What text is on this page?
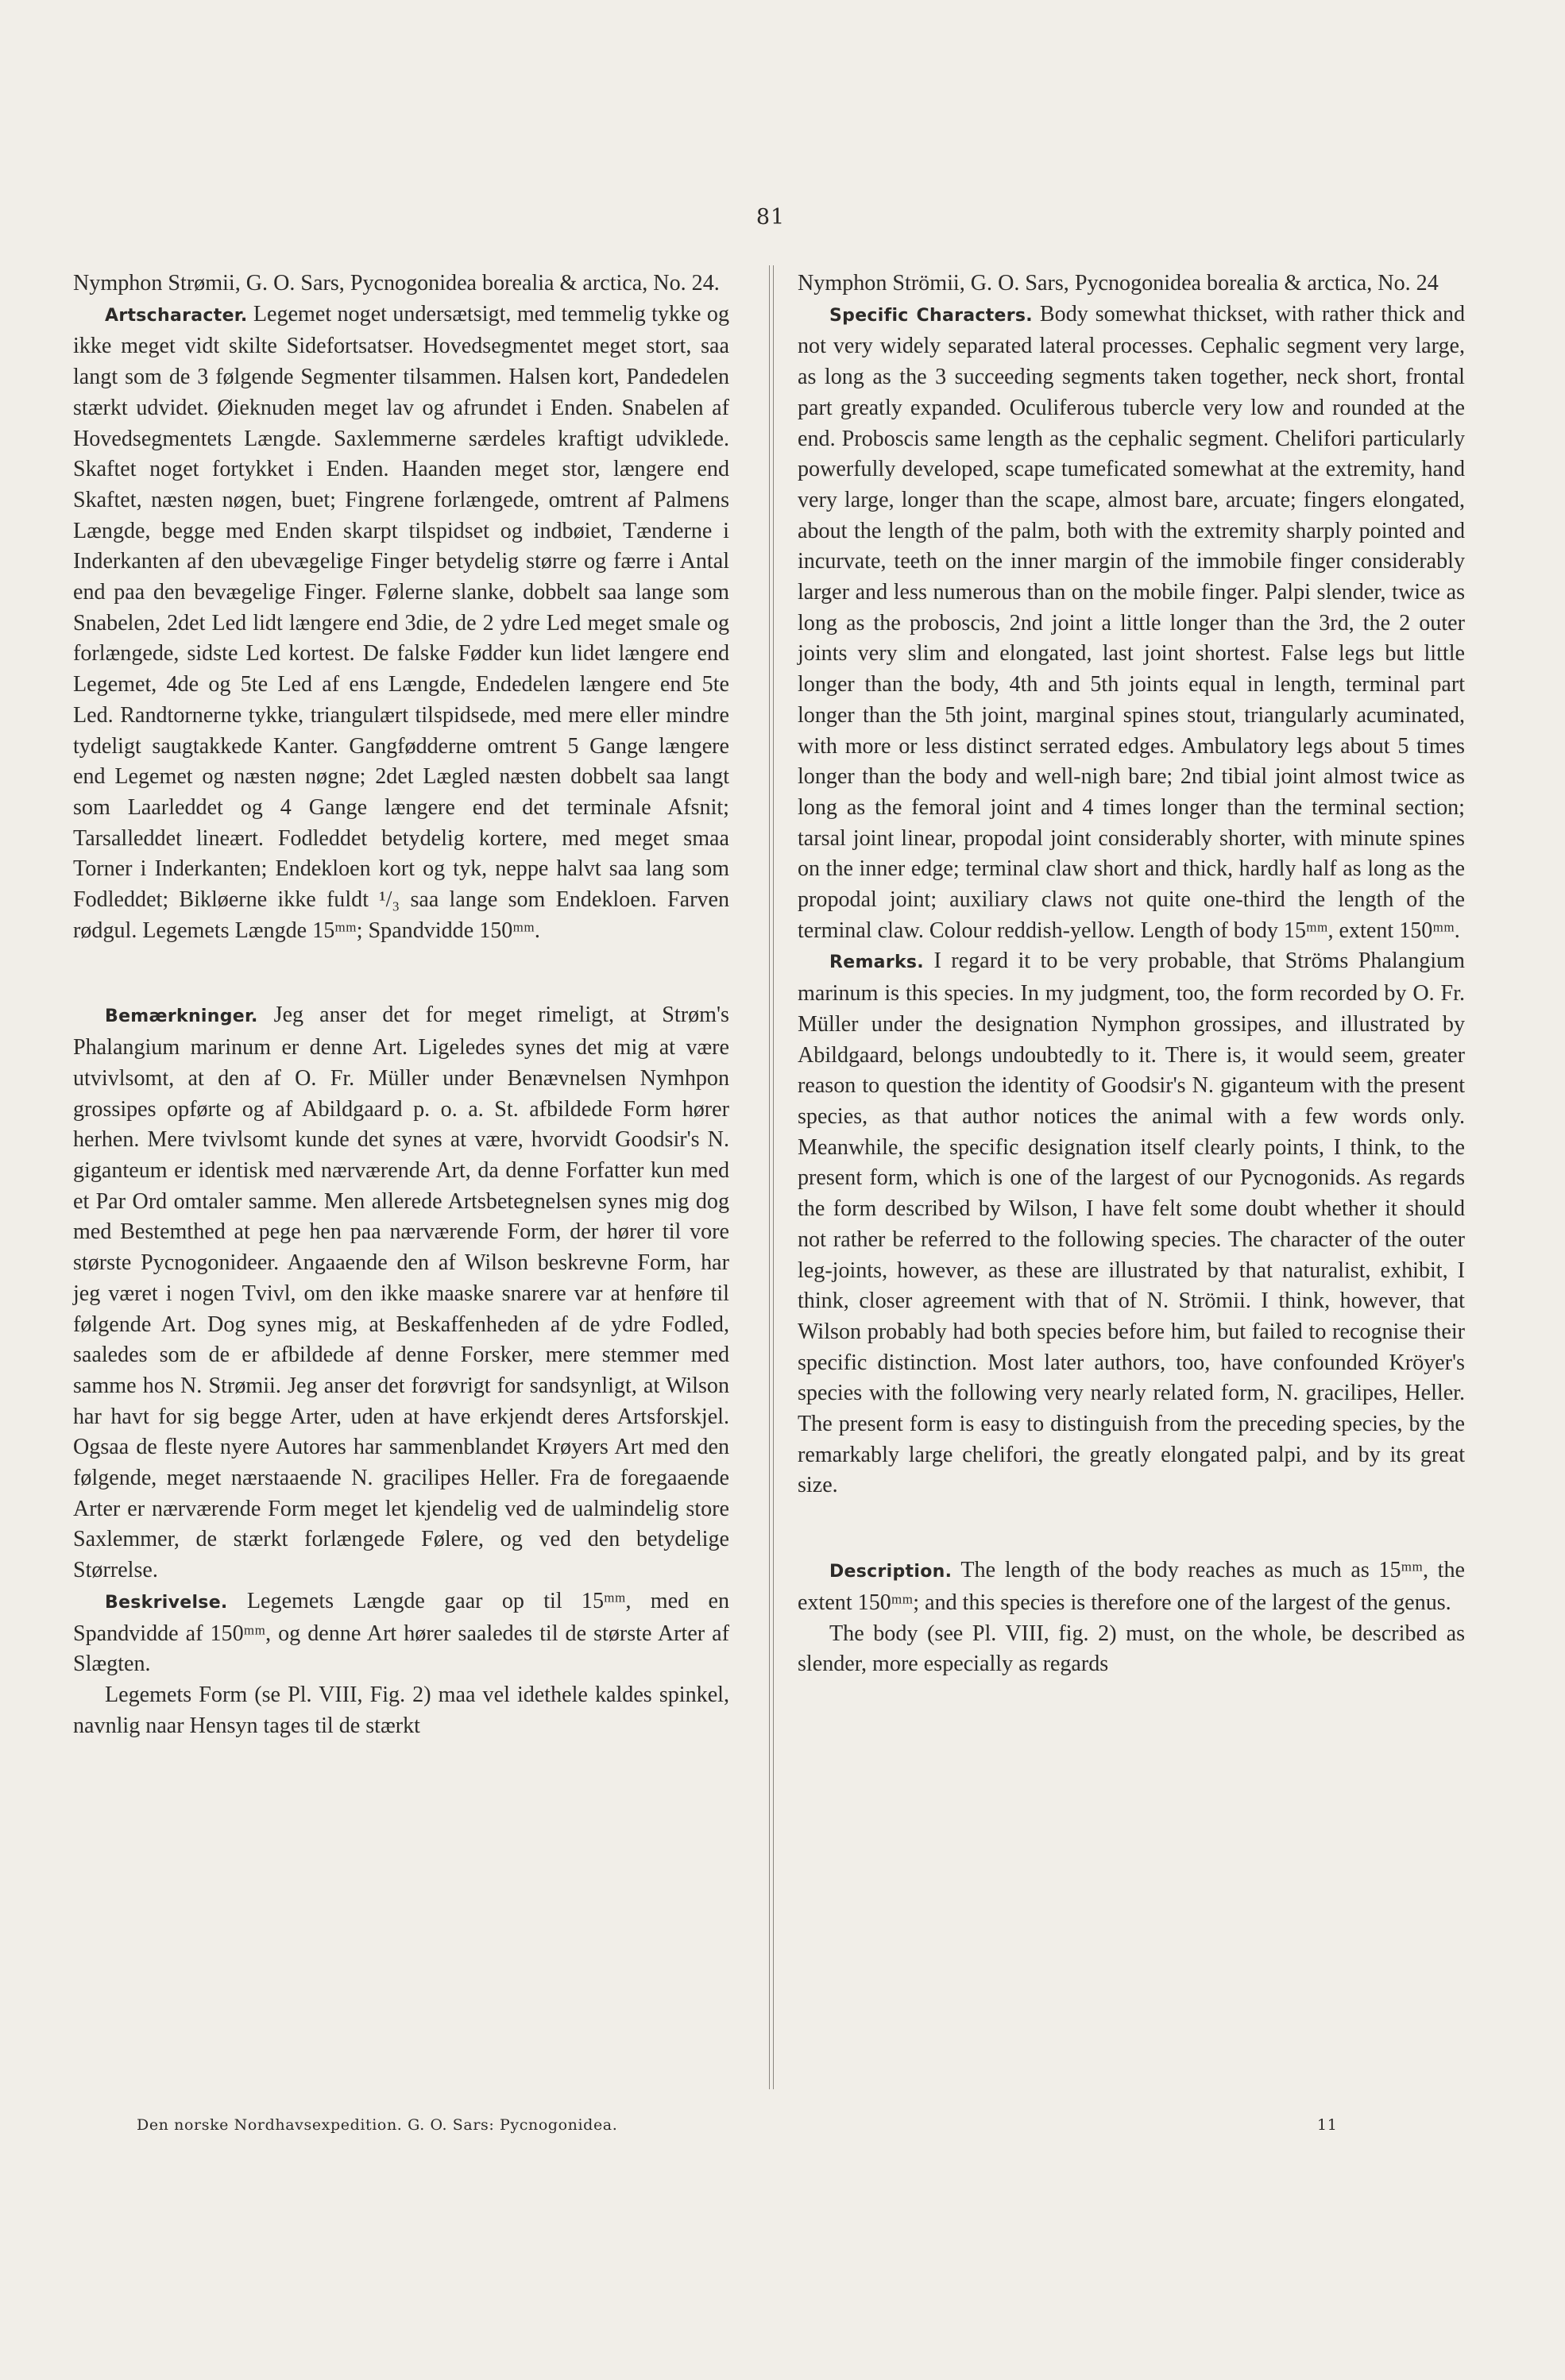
81

Nymphon Strømii, G. O. Sars, Pycnogonidea borealia & arctica, No. 24.

Artscharacter. Legemet noget undersætsigt, med temmelig tykke og ikke meget vidt skilte Sidefortsatser. Hovedsegmentet meget stort, saa langt som de 3 følgende Segmenter tilsammen. Halsen kort, Pandedelen stærkt udvidet. Øieknuden meget lav og afrundet i Enden. Snabelen af Hovedsegmentets Længde. Saxlemmerne særdeles kraftigt udviklede. Skaftet noget fortykket i Enden. Haanden meget stor, længere end Skaftet, næsten nøgen, buet; Fingrene forlængede, omtrent af Palmens Længde, begge med Enden skarpt tilspidset og indbøiet, Tænderne i Inderkanten af den ubevægelige Finger betydelig større og færre i Antal end paa den bevægelige Finger. Følerne slanke, dobbelt saa lange som Snabelen, 2det Led lidt længere end 3die, de 2 ydre Led meget smale og forlængede, sidste Led kortest. De falske Fødder kun lidet længere end Legemet, 4de og 5te Led af ens Længde, Endedelen længere end 5te Led. Randtornerne tykke, triangulært tilspidsede, med mere eller mindre tydeligt saugtakkede Kanter. Gangfødderne omtrent 5 Gange længere end Legemet og næsten nøgne; 2det Lægled næsten dobbelt saa langt som Laarleddet og 4 Gange længere end det terminale Afsnit; Tarsalleddet lineært. Fodleddet betydelig kortere, med meget smaa Torner i Inderkanten; Endekloen kort og tyk, neppe halvt saa lang som Fodleddet; Bikløerne ikke fuldt ¹/₃ saa lange som Endekloen. Farven rødgul. Legemets Længde 15ᵐᵐ; Spandvidde 150ᵐᵐ.

Bemærkninger. Jeg anser det for meget rimeligt, at Strøm's Phalangium marinum er denne Art. Ligeledes synes det mig at være utvivlsomt, at den af O. Fr. Müller under Benævnelsen Nymhpon grossipes opførte og af Abildgaard p. o. a. St. afbildede Form hører herhen. Mere tvivlsomt kunde det synes at være, hvorvidt Goodsir's N. giganteum er identisk med nærværende Art, da denne Forfatter kun med et Par Ord omtaler samme. Men allerede Artsbetegnelsen synes mig dog med Bestemthed at pege hen paa nærværende Form, der hører til vore største Pycnogonideer. Angaaende den af Wilson beskrevne Form, har jeg været i nogen Tvivl, om den ikke maaske snarere var at henføre til følgende Art. Dog synes mig, at Beskaffenheden af de ydre Fodled, saaledes som de er afbildede af denne Forsker, mere stemmer med samme hos N. Strømii. Jeg anser det forøvrigt for sandsynligt, at Wilson har havt for sig begge Arter, uden at have erkjendt deres Artsforskjel. Ogsaa de fleste nyere Autores har sammenblandet Krøyers Art med den følgende, meget nærstaaende N. gracilipes Heller. Fra de foregaaende Arter er nærværende Form meget let kjendelig ved de ualmindelig store Saxlemmer, de stærkt forlængede Følere, og ved den betydelige Størrelse.

Beskrivelse. Legemets Længde gaar op til 15ᵐᵐ, med en Spandvidde af 150ᵐᵐ, og denne Art hører saaledes til de største Arter af Slægten.

Legemets Form (se Pl. VIII, Fig. 2) maa vel idethele kaldes spinkel, navnlig naar Hensyn tages til de stærkt

Nymphon Strömii, G. O. Sars, Pycnogonidea borealia & arctica, No. 24

Specific Characters. Body somewhat thickset, with rather thick and not very widely separated lateral processes. Cephalic segment very large, as long as the 3 succeeding segments taken together, neck short, frontal part greatly expanded. Oculiferous tubercle very low and rounded at the end. Proboscis same length as the cephalic segment. Chelifori particularly powerfully developed, scape tumeficated somewhat at the extremity, hand very large, longer than the scape, almost bare, arcuate; fingers elongated, about the length of the palm, both with the extremity sharply pointed and incurvate, teeth on the inner margin of the immobile finger considerably larger and less numerous than on the mobile finger. Palpi slender, twice as long as the proboscis, 2nd joint a little longer than the 3rd, the 2 outer joints very slim and elongated, last joint shortest. False legs but little longer than the body, 4th and 5th joints equal in length, terminal part longer than the 5th joint, marginal spines stout, triangularly acuminated, with more or less distinct serrated edges. Ambulatory legs about 5 times longer than the body and well-nigh bare; 2nd tibial joint almost twice as long as the femoral joint and 4 times longer than the terminal section; tarsal joint linear, propodal joint considerably shorter, with minute spines on the inner edge; terminal claw short and thick, hardly half as long as the propodal joint; auxiliary claws not quite one-third the length of the terminal claw. Colour reddish-yellow. Length of body 15ᵐᵐ, extent 150ᵐᵐ.

Remarks. I regard it to be very probable, that Ströms Phalangium marinum is this species. In my judgment, too, the form recorded by O. Fr. Müller under the designation Nymphon grossipes, and illustrated by Abildgaard, belongs undoubtedly to it. There is, it would seem, greater reason to question the identity of Goodsir's N. giganteum with the present species, as that author notices the animal with a few words only. Meanwhile, the specific designation itself clearly points, I think, to the present form, which is one of the largest of our Pycnogonids. As regards the form described by Wilson, I have felt some doubt whether it should not rather be referred to the following species. The character of the outer leg-joints, however, as these are illustrated by that naturalist, exhibit, I think, closer agreement with that of N. Strömii. I think, however, that Wilson probably had both species before him, but failed to recognise their specific distinction. Most later authors, too, have confounded Kröyer's species with the following very nearly related form, N. gracilipes, Heller. The present form is easy to distinguish from the preceding species, by the remarkably large chelifori, the greatly elongated palpi, and by its great size.

Description. The length of the body reaches as much as 15ᵐᵐ, the extent 150ᵐᵐ; and this species is therefore one of the largest of the genus.

The body (see Pl. VIII, fig. 2) must, on the whole, be described as slender, more especially as regards

Den norske Nordhavsexpedition. G. O. Sars: Pycnogonidea.	11
